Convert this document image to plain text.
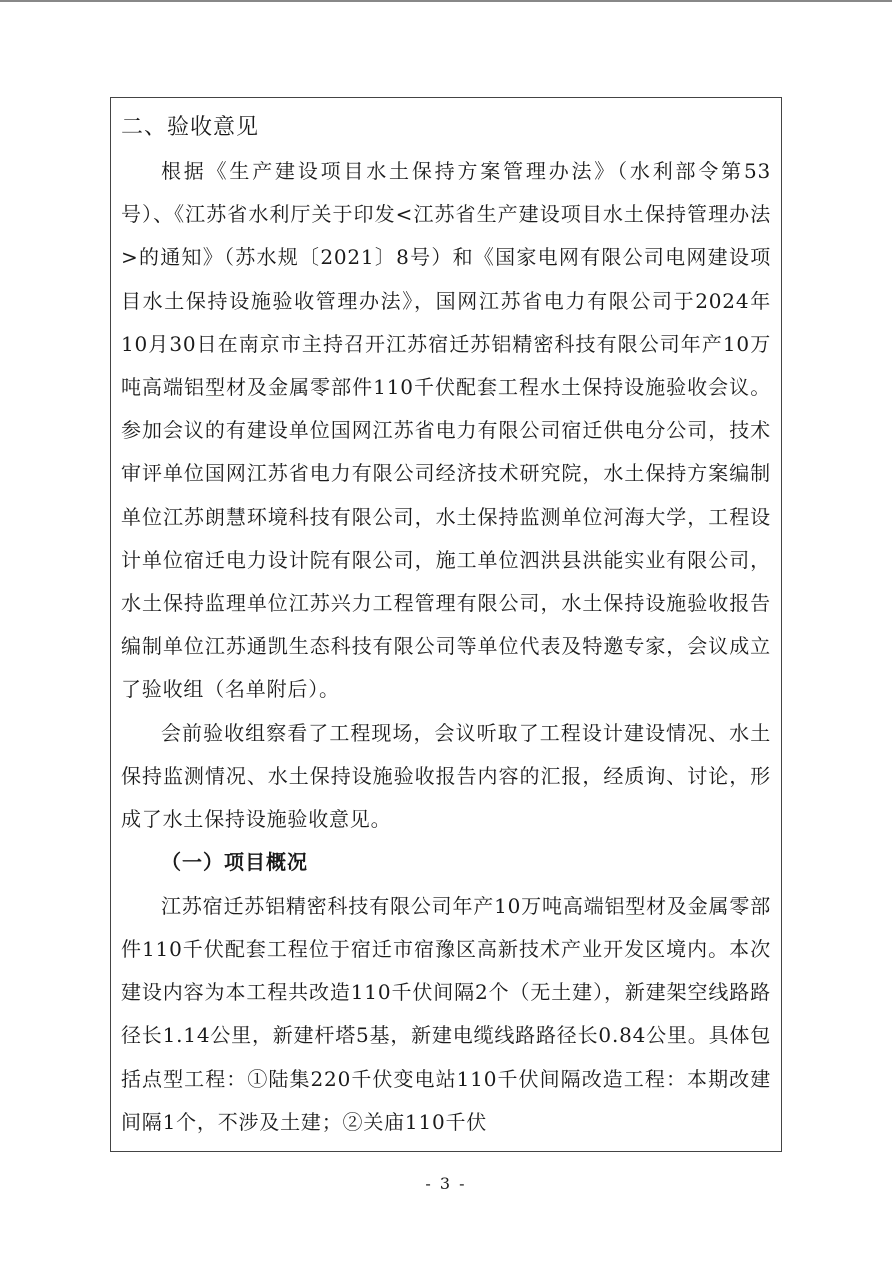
二、验收意见

根据《生产建设项目水土保持方案管理办法》（水利部令第53号）、《江苏省水利厅关于印发<江苏省生产建设项目水土保持管理办法>的通知》（苏水规〔2021〕8号）和《国家电网有限公司电网建设项目水土保持设施验收管理办法》，国网江苏省电力有限公司于2024年10月30日在南京市主持召开江苏宿迁苏铝精密科技有限公司年产10万吨高端铝型材及金属零部件110千伏配套工程水土保持设施验收会议。参加会议的有建设单位国网江苏省电力有限公司宿迁供电分公司，技术审评单位国网江苏省电力有限公司经济技术研究院，水土保持方案编制单位江苏朗慧环境科技有限公司，水土保持监测单位河海大学，工程设计单位宿迁电力设计院有限公司，施工单位泗洪县洪能实业有限公司，水土保持监理单位江苏兴力工程管理有限公司，水土保持设施验收报告编制单位江苏通凯生态科技有限公司等单位代表及特邀专家，会议成立了验收组（名单附后）。

会前验收组察看了工程现场，会议听取了工程设计建设情况、水土保持监测情况、水土保持设施验收报告内容的汇报，经质询、讨论，形成了水土保持设施验收意见。

（一）项目概况

江苏宿迁苏铝精密科技有限公司年产10万吨高端铝型材及金属零部件110千伏配套工程位于宿迁市宿豫区高新技术产业开发区境内。本次建设内容为本工程共改造110千伏间隔2个（无土建），新建架空线路路径长1.14公里，新建杆塔5基，新建电缆线路路径长0.84公里。具体包括点型工程：①陆集220千伏变电站110千伏间隔改造工程：本期改建间隔1个，不涉及土建；②关庙110千伏

- 3 -
